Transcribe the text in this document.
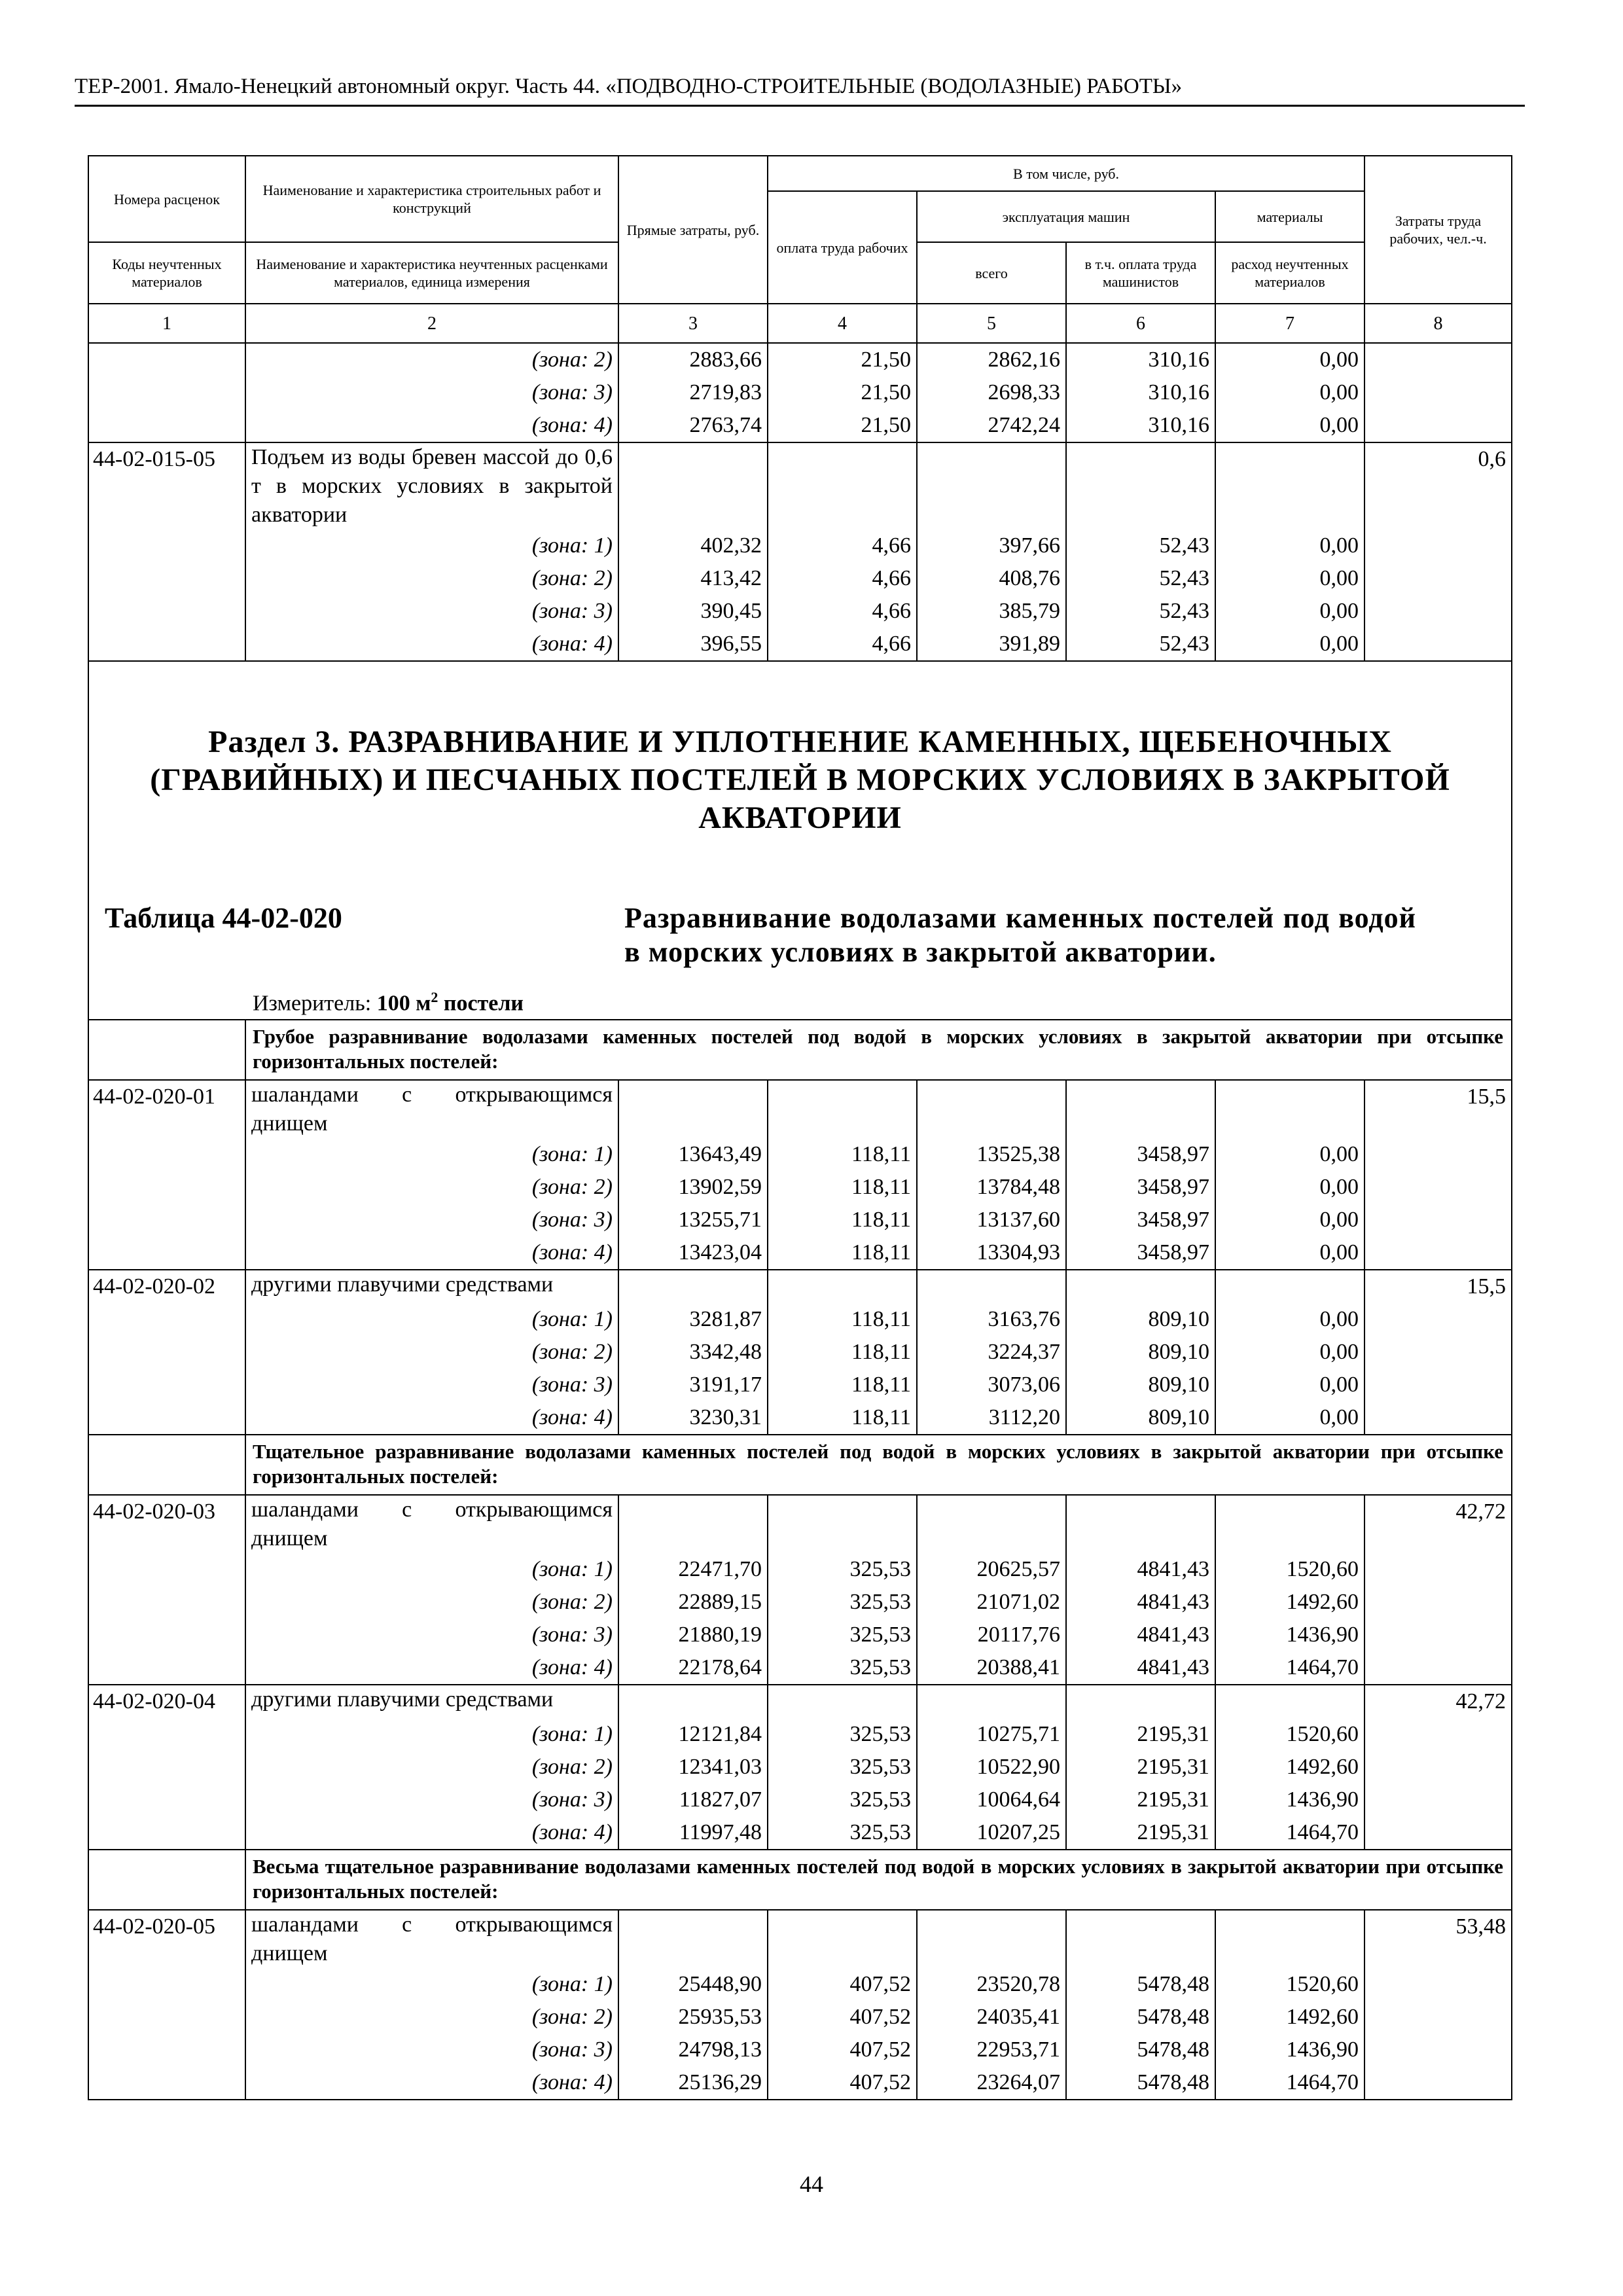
ТЕР-2001. Ямало-Ненецкий автономный округ. Часть 44. «ПОДВОДНО-СТРОИТЕЛЬНЫЕ (ВОДОЛАЗНЫЕ) РАБОТЫ»
Номера расценок	Наименование и характеристика строительных работ и конструкций	Прямые затраты, руб.	В том числе, руб.				Затраты труда рабочих, чел.-ч.
			оплата труда рабочих	эксплуатация машин		материалы	
Коды неучтенных материалов	Наименование и характеристика неучтенных расценками материалов, единица измерения			всего	в т.ч. оплата труда машинистов	расход неучтенных материалов	
1	2	3	4	5	6	7	8
	(зона: 2)	2883,66	21,50	2862,16	310,16	0,00	
	(зона: 3)	2719,83	21,50	2698,33	310,16	0,00	
	(зона: 4)	2763,74	21,50	2742,24	310,16	0,00	
44-02-015-05	Подъем из воды бревен массой до 0,6 т в морских условиях в закрытой акватории						0,6
	(зона: 1)	402,32	4,66	397,66	52,43	0,00	
	(зона: 2)	413,42	4,66	408,76	52,43	0,00	
	(зона: 3)	390,45	4,66	385,79	52,43	0,00	
	(зона: 4)	396,55	4,66	391,89	52,43	0,00	

Раздел 3. РАЗРАВНИВАНИЕ И УПЛОТНЕНИЕ КАМЕННЫХ, ЩЕБЕНОЧНЫХ (ГРАВИЙНЫХ) И ПЕСЧАНЫХ ПОСТЕЛЕЙ В МОРСКИХ УСЛОВИЯХ В ЗАКРЫТОЙ АКВАТОРИИ
Таблица 44-02-020 Разравнивание водолазами каменных постелей под водой в морских условиях в закрытой акватории.
Измеритель: 100 $м^2$ постели							

	Грубое разравнивание водолазами каменных постелей под водой в морских условиях в закрытой акватории при отсыпке горизонтальных постелей:						
44-02-020-01	шаландами с открывающимся днищем						15,5
	(зона: 1)	13643,49	118,11	13525,38	3458,97	0,00	
	(зона: 2)	13902,59	118,11	13784,48	3458,97	0,00	
	(зона: 3)	13255,71	118,11	13137,60	3458,97	0,00	
	(зона: 4)	13423,04	118,11	13304,93	3458,97	0,00	
44-02-020-02	другими плавучими средствами						15,5
	(зона: 1)	3281,87	118,11	3163,76	809,10	0,00	
	(зона: 2)	3342,48	118,11	3224,37	809,10	0,00	
	(зона: 3)	3191,17	118,11	3073,06	809,10	0,00	
	(зона: 4)	3230,31	118,11	3112,20	809,10	0,00	
	Тщательное разравнивание водолазами каменных постелей под водой в морских условиях в закрытой акватории при отсыпке горизонтальных постелей:						
44-02-020-03	шаландами с открывающимся днищем						42,72
	(зона: 1)	22471,70	325,53	20625,57	4841,43	1520,60	
	(зона: 2)	22889,15	325,53	21071,02	4841,43	1492,60	
	(зона: 3)	21880,19	325,53	20117,76	4841,43	1436,90	
	(зона: 4)	22178,64	325,53	20388,41	4841,43	1464,70	
44-02-020-04	другими плавучими средствами						42,72
	(зона: 1)	12121,84	325,53	10275,71	2195,31	1520,60	
	(зона: 2)	12341,03	325,53	10522,90	2195,31	1492,60	
	(зона: 3)	11827,07	325,53	10064,64	2195,31	1436,90	
	(зона: 4)	11997,48	325,53	10207,25	2195,31	1464,70	
	Весьма тщательное разравнивание водолазами каменных постелей под водой в морских условиях в закрытой акватории при отсыпке горизонтальных постелей:						
44-02-020-05	шаландами с открывающимся днищем						53,48
	(зона: 1)	25448,90	407,52	23520,78	5478,48	1520,60	
	(зона: 2)	25935,53	407,52	24035,41	5478,48	1492,60	
	(зона: 3)	24798,13	407,52	22953,71	5478,48	1436,90	
	(зона: 4)	25136,29	407,52	23264,07	5478,48	1464,70	
44
